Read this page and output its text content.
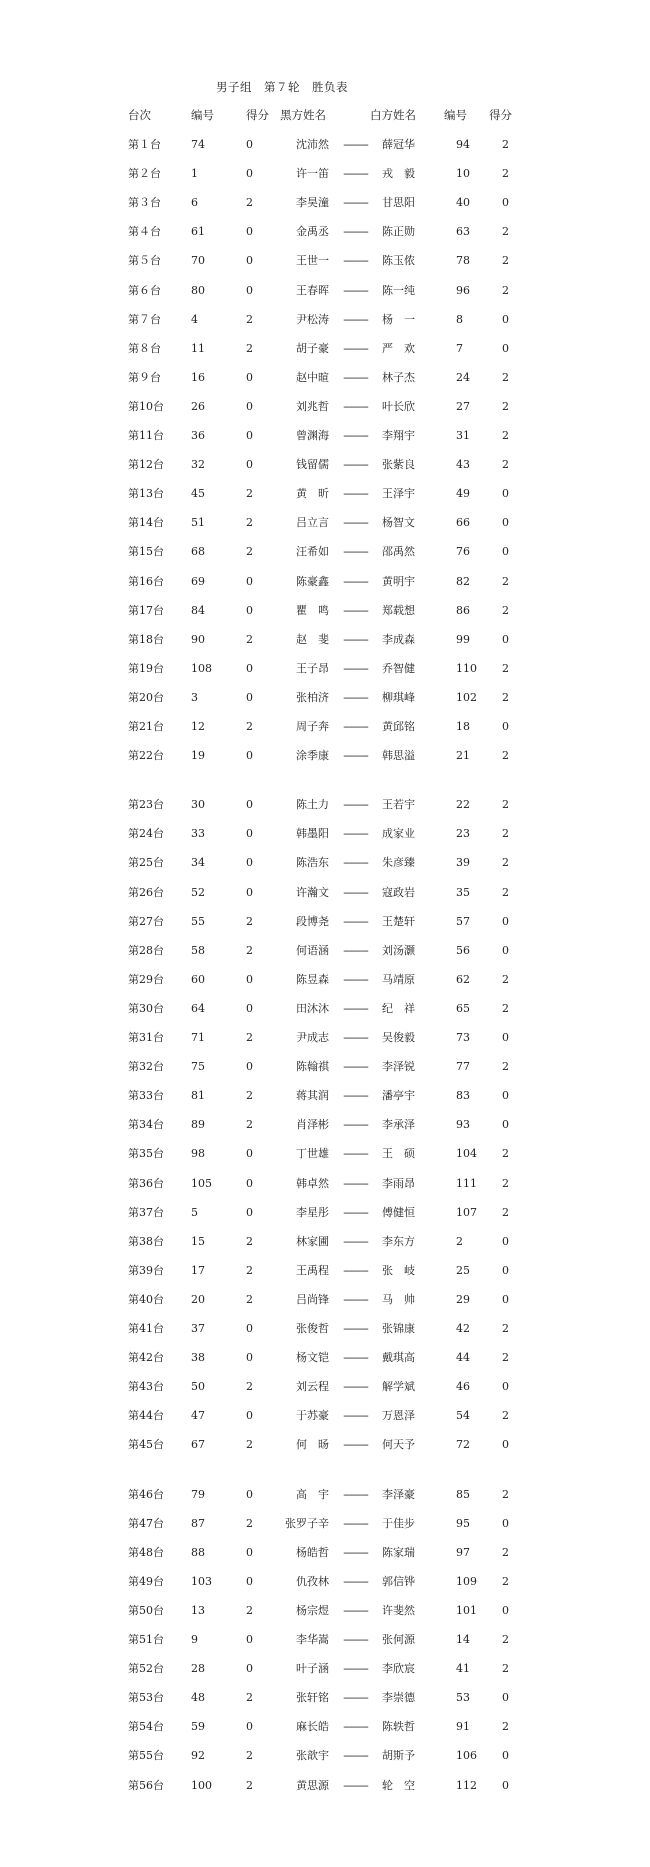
男子组　第７轮　胜负表
台次	编号	得分 黑方姓名	白方姓名 编号 得分
第１台	74	0	沈沛然	---------	薛冠华	94	2
第２台	1	0	许一笛	---------	戎　毅	10	2
第３台	6	2	李昊潼	---------	甘思阳	40	0
第４台	61	0	金禹丞	---------	陈正勋	63	2
第５台	70	0	王世一	---------	陈玉侬	78	2
第６台	80	0	王春晖	---------	陈一纯	96	2
第７台	4	2	尹松涛	---------	杨　一	8	0
第８台	11	2	胡子豪	---------	严　欢	7	0
第９台	16	0	赵中暄	---------	林子杰	24	2
第10台 26	0	刘兆哲	---------	叶长欣	27	2
第11台 36	0	曾渊海	---------	李翔宇	31	2
第12台 32	0	钱留儒	---------	张紫良	43	2
第13台 45	2	黄　昕	---------	王泽宇	49	0
第14台 51	2	吕立言	---------	杨智文	66	0
第15台 68	2	汪希如	---------	邵禹然	76	0
第16台 69	0	陈豪鑫	---------	黄明宇	82	2
第17台 84	0	瞿　鸣	---------	郑载想	86	2
第18台 90	2	赵　斐	---------	李成森	99	0
第19台 108	0	王子昂	---------	乔智健	110 2
第20台 3	0	张柏济	---------	柳琪峰	102 2
第21台 12	2	周子奔	---------	黄邱铭	18	0
第22台 19	0	涂季康	---------	韩思溢	21	2
第23台 30	0	陈土力	---------	王若宇	22	2
第24台 33	0	韩墨阳	---------	成家业	23	2
第25台 34	0	陈浩东	---------	朱彦臻	39	2
第26台 52	0	许瀚文	---------	寇政岩	35	2
第27台 55	2	段博尧	---------	王楚轩	57	0
第28台 58	2	何语涵	---------	刘汤灏	56	0
第29台 60	0	陈昱森	---------	马靖原	62	2
第30台 64	0	田沐沐	---------	纪　祥	65	2
第31台 71	2	尹成志	---------	吴俊毅	73	0
第32台 75	0	陈翰祺	---------	李泽锐	77	2
第33台 81	2	蒋其润	---------	潘亭宇	83	0
第34台 89	2	肖泽彬	---------	李承泽	93	0
第35台 98	0	丁世雄	---------	王　硕	104 2
第36台 105	0	韩卓然	---------	李雨昂	111 2
第37台 5	0	李星彤	---------	傅健恒	107 2
第38台 15	2	林家圃	---------	李东方	2	0
第39台 17	2	王禹程	---------	张　岐	25	0
第40台 20	2	吕尚锋	---------	马　帅	29	0
第41台 37	0	张俊哲	---------	张锦康	42	2
第42台 38	0	杨文铠	---------	戴琪高	44	2
第43台 50	2	刘云程	---------	解学斌	46	0
第44台 47	0	于苏豪	---------	万恩泽	54	2
第45台 67	2	何　旸	---------	何天予	72	0
第46台 79	0	高　宇	---------	李泽豪	85	2
第47台 87	2	张罗子辛	---------	于佳步	95	0
第48台 88	0	杨皓哲	---------	陈家瑞	97	2
第49台 103	0	仇孜林	---------	郭信铧	109 2
第50台 13	2	杨宗煜	---------	许斐然	101 0
第51台 9	0	李华嵩	---------	张何源	14	2
第52台 28	0	叶子涵	---------	李欣宸	41	2
第53台 48	2	张轩铭	---------	李崇德	53	0
第54台 59	0	麻长皓	---------	陈轶哲	91	2
第55台 92	2	张歆宇	---------	胡斯予	106 0
第56台 100	2	黄思源	---------	轮　空	112 0
